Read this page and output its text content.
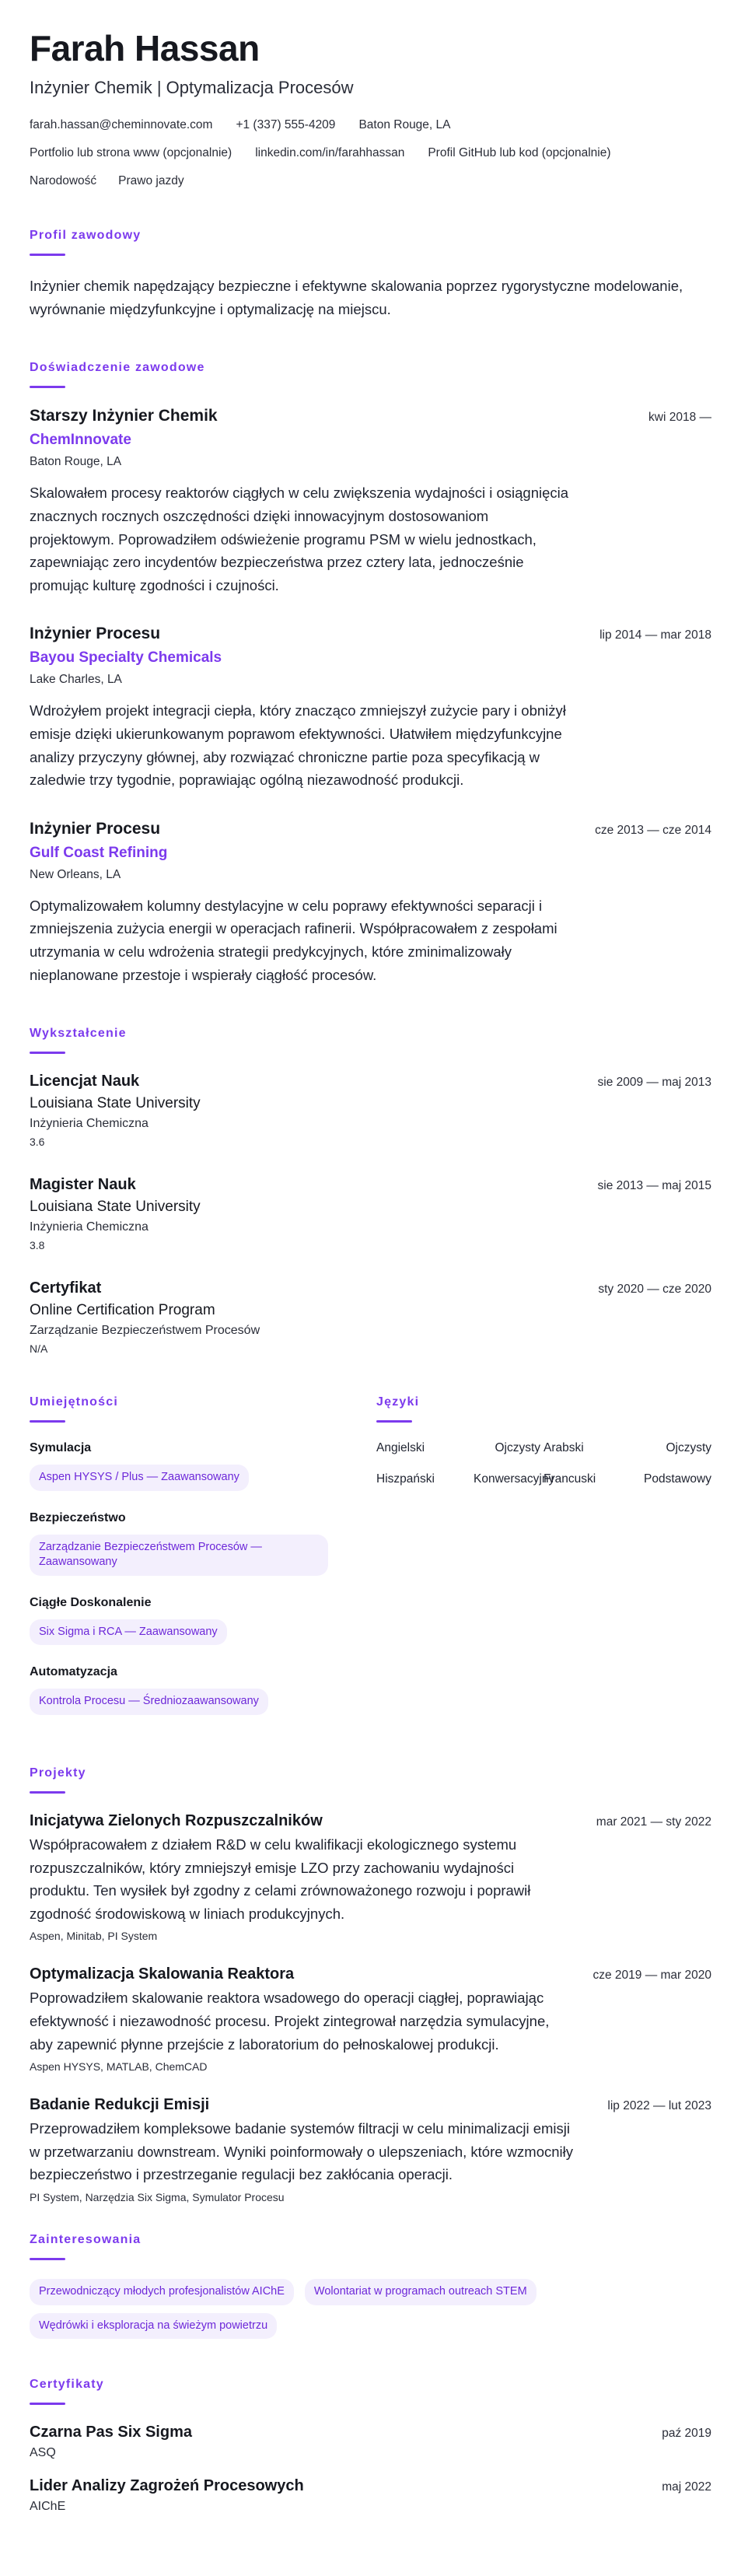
Farah Hassan
Inżynier Chemik | Optymalizacja Procesów
farah.hassan@cheminnovate.com +1 (337) 555-4209 Baton Rouge, LA
Portfolio lub strona www (opcjonalnie) linkedin.com/in/farahhassan Profil GitHub lub kod (opcjonalnie)
Narodowość Prawo jazdy
Profil zawodowy

Inżynier chemik napędzający bezpieczne i efektywne skalowania poprzez rygorystyczne modelowanie, wyrównanie międzyfunkcyjne i optymalizację na miejscu.

Doświadczenie zawodowe
Starszy Inżynier Chemik	kwi 2018 —
ChemInnovate
Baton Rouge, LA
Skalowałem procesy reaktorów ciągłych w celu zwiększenia wydajności i osiągnięcia znacznych rocznych oszczędności dzięki innowacyjnym dostosowaniom projektowym. Poprowadziłem odświeżenie programu PSM w wielu jednostkach, zapewniając zero incydentów bezpieczeństwa przez cztery lata, jednocześnie promując kulturę zgodności i czujności.
Inżynier Procesu	lip 2014 — mar 2018
Bayou Specialty Chemicals
Lake Charles, LA
Wdrożyłem projekt integracji ciepła, który znacząco zmniejszył zużycie pary i obniżył emisje dzięki ukierunkowanym poprawom efektywności. Ułatwiłem międzyfunkcyjne analizy przyczyny głównej, aby rozwiązać chroniczne partie poza specyfikacją w zaledwie trzy tygodnie, poprawiając ogólną niezawodność produkcji.
Inżynier Procesu	cze 2013 — cze 2014
Gulf Coast Refining
New Orleans, LA
Optymalizowałem kolumny destylacyjne w celu poprawy efektywności separacji i zmniejszenia zużycia energii w operacjach rafinerii. Współpracowałem z zespołami utrzymania w celu wdrożenia strategii predykcyjnych, które zminimalizowały nieplanowane przestoje i wspierały ciągłość procesów.
Wykształcenie
Licencjat Nauk	sie 2009 — maj 2013
Louisiana State University
Inżynieria Chemiczna
3.6
Magister Nauk	sie 2013 — maj 2015
Louisiana State University
Inżynieria Chemiczna
3.8
Certyfikat	sty 2020 — cze 2020
Online Certification Program
Zarządzanie Bezpieczeństwem Procesów
N/A
Umiejętności
Symulacja
Aspen HYSYS / Plus — Zaawansowany
Bezpieczeństwo
Zarządzanie Bezpieczeństwem Procesów — Zaawansowany
Ciągłe Doskonalenie
Six Sigma i RCA — Zaawansowany
Automatyzacja
Kontrola Procesu — Średniozaawansowany
Języki
Angielski	Ojczysty Arabski	Ojczysty
Hiszpański	Konwersacyjny
Francuski	Podstawowy
Projekty
Inicjatywa Zielonych Rozpuszczalników	mar 2021 — sty 2022
Współpracowałem z działem R&D w celu kwalifikacji ekologicznego systemu rozpuszczalników, który zmniejszył emisje LZO przy zachowaniu wydajności produktu. Ten wysiłek był zgodny z celami zrównoważonego rozwoju i poprawił zgodność środowiskową w liniach produkcyjnych.
Aspen, Minitab, PI System
Optymalizacja Skalowania Reaktora	cze 2019 — mar 2020
Poprowadziłem skalowanie reaktora wsadowego do operacji ciągłej, poprawiając efektywność i niezawodność procesu. Projekt zintegrował narzędzia symulacyjne, aby zapewnić płynne przejście z laboratorium do pełnoskalowej produkcji.
Aspen HYSYS, MATLAB, ChemCAD
Badanie Redukcji Emisji	lip 2022 — lut 2023
Przeprowadziłem kompleksowe badanie systemów filtracji w celu minimalizacji emisji w przetwarzaniu downstream. Wyniki poinformowały o ulepszeniach, które wzmocniły bezpieczeństwo i przestrzeganie regulacji bez zakłócania operacji.
PI System, Narzędzia Six Sigma, Symulator Procesu
Zainteresowania
Przewodniczący młodych profesjonalistów AIChE	Wolontariat w programach outreach STEM
Wędrówki i eksploracja na świeżym powietrzu
Certyfikaty
Czarna Pas Six Sigma	paź 2019
ASQ
Lider Analizy Zagrożeń Procesowych	maj 2022
AIChE
